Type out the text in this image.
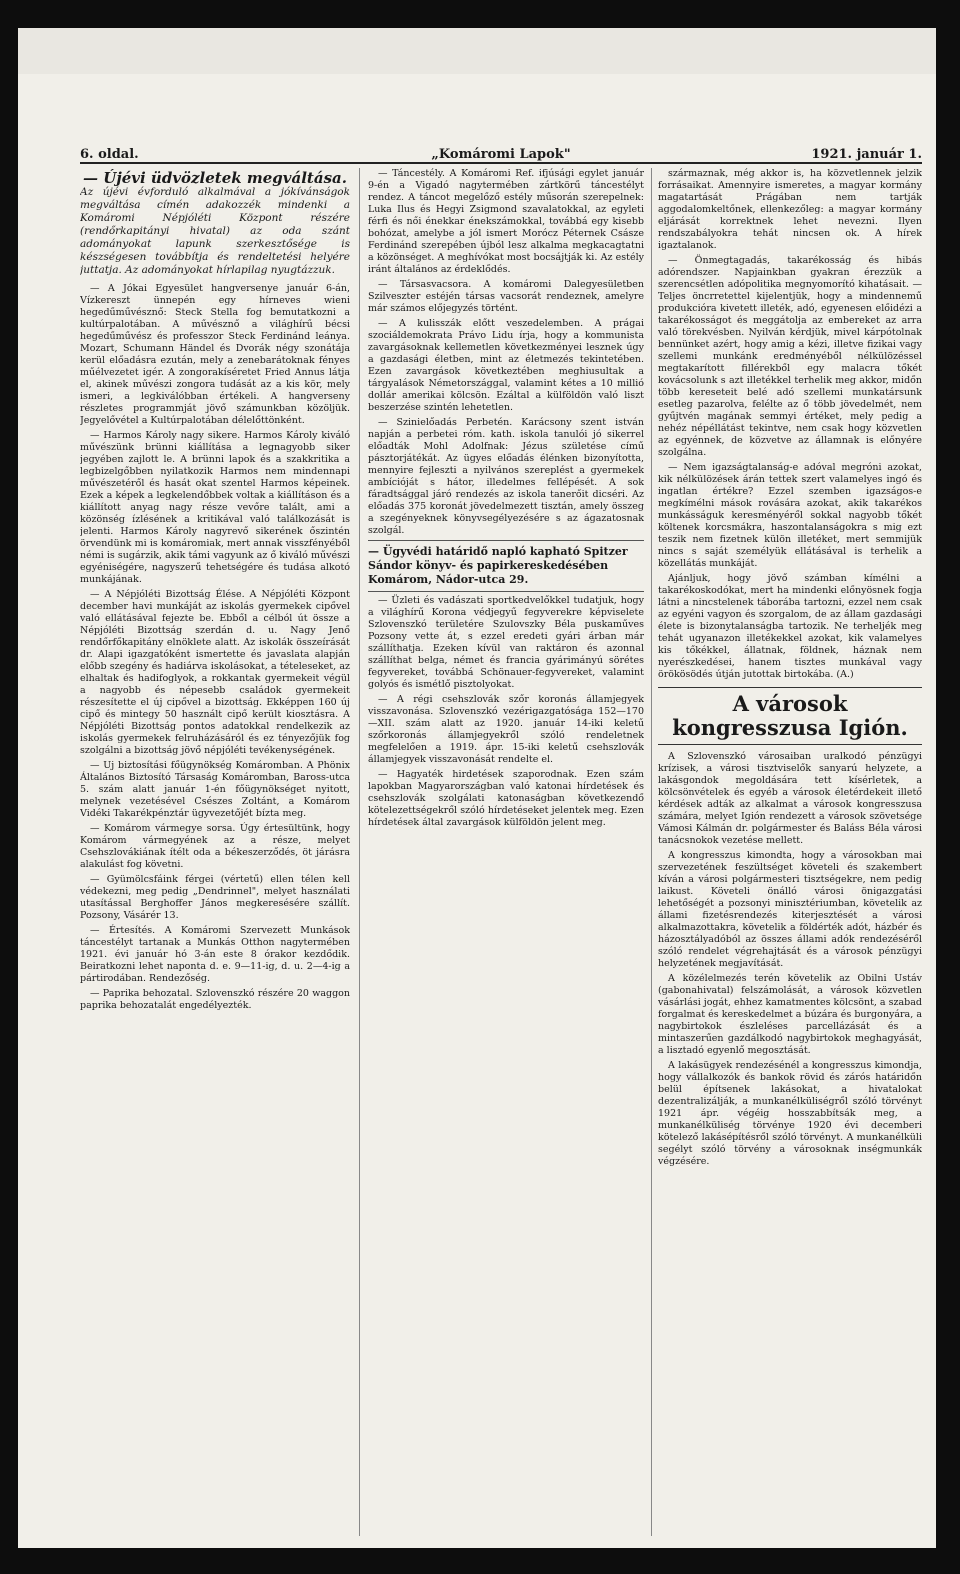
6. oldal.	„Komáromi Lapok"	1921. január 1.
— Újévi üdvözletek megváltása.
Az újévi évforduló alkalmával a jókívánságok megváltása címén adakozzék mindenki a Komáromi Népjóléti Központ részére (rendőrkapitányi hivatal) az oda szánt adományokat lapunk szerkesztősége is készségesen továbbítja és rendeltetési helyére juttatja. Az adományokat hírlapilag nyugtázzuk.

— A Jókai Egyesület hangversenye január 6-án, Vízkereszt ünnepén egy hírneves wieni hegedűművésznő: Steck Stella fog bemutatkozni a kultúrpalotában. A művésznő a világhírű bécsi hegedűművész és professzor Steck Ferdinánd leánya. Mozart, Schumann Händel és Dvorák négy szonátája kerül előadásra ezután, mely a zenebarátoknak fényes műélvezetet igér. A zongorakíséretet Fried Annus látja el, akinek művészi zongora tudását az a kis kör, mely ismeri, a legkiválóbban értékeli. A hangverseny részletes programmját jövő számunkban közöljük. Jegyelővétel a Kultúrpalotában délelőttönként.

— Harmos Károly nagy sikere. Harmos Károly kiváló művészünk brünni kiállítása a legnagyobb siker jegyében zajlott le. A brünni lapok és a szakkritika a legbizelgőbben nyilatkozik Harmos nem mindennapi művészetéről és hasát okat szentel Harmos képeinek. Ezek a képek a legkelendőbbek voltak a kiállításon és a kiállított anyag nagy része vevőre talált, ami a közönség ízlésének a kritikával való találkozását is jelenti. Harmos Károly nagyrevő sikerének őszintén örvendünk mi is komáromiak, mert annak visszfényéből némi is sugárzik, akik támi vagyunk az ő kiváló művészi egyéniségére, nagyszerű tehetségére és tudása alkotó munkájának.

— A Népjóléti Bizottság Élése. A Népjóléti Központ december havi munkáját az iskolás gyermekek cipővel való ellátásával fejezte be. Ebből a célból út össze a Népjóléti Bizottság szerdán d. u. Nagy Jenő rendőrfőkapitány elnöklete alatt. Az iskolák összeírását dr. Alapi igazgatóként ismertette és javaslata alapján előbb szegény és hadiárva iskolásokat, a tételeseket, az elhaltak és hadifoglyok, a rokkantak gyermekeit végül a nagyobb és népesebb családok gyermekeit részesítette el új cipővel a bizottság. Ekképpen 160 új cipő és mintegy 50 használt cipő került kiosztásra. A Népjóléti Bizottság pontos adatokkal rendelkezik az iskolás gyermekek felruházásáról és ez tényezőjük fog szolgálni a bizottság jövő népjóléti tevékenységének.

— Uj biztosítási főügynökség Komáromban. A Phönix Általános Biztosító Társaság Komáromban, Baross-utca 5. szám alatt január 1-én főügynökséget nyitott, melynek vezetésével Csészes Zoltánt, a Komárom Vidéki Takarékpénztár ügyvezetőjét bízta meg.

— Komárom vármegye sorsa. Úgy értesültünk, hogy Komárom vármegyének az a része, melyet Csehszlovákiának ítélt oda a békeszerződés, öt járásra alakulást fog követni.

— Gyümölcsfáink férgei (vértetű) ellen télen kell védekezni, meg pedig „Dendrinnel", melyet használati utasítással Berghoffer János megkeresésére szállít. Pozsony, Vásárér 13.

— Értesítés. A Komáromi Szervezett Munkások táncestélyt tartanak a Munkás Otthon nagytermében 1921. évi január hó 3-án este 8 órakor kezdődik. Beiratkozni lehet naponta d. e. 9—11-ig, d. u. 2—4-ig a pártirodában. Rendezőség.

— Paprika behozatal. Szlovenszkó részére 20 waggon paprika behozatalát engedélyezték.

— Táncestély. A Komáromi Ref. ifjúsági egylet január 9-én a Vigadó nagytermében zártkörű táncestélyt rendez. A táncot megelőző estély műsorán szerepelnek: Luka Ilus és Hegyi Zsigmond szavalatokkal, az egyleti férfi és női énekkar énekszámokkal, továbbá egy kisebb bohózat, amelybe a jól ismert Morócz Péternek Császe Ferdinánd szerepében újból lesz alkalma megkacagtatni a közönséget. A meghívókat most bocsájtják ki. Az estély iránt általános az érdeklődés.

— Társasvacsora. A komáromi Dalegyesületben Szilveszter estéjén társas vacsorát rendeznek, amelyre már számos előjegyzés történt.

— A kulisszák előtt veszedelemben. A prágai szociáldemokrata Právo Lidu írja, hogy a kommunista zavargásoknak kellemetlen következményei lesznek úgy a gazdasági életben, mint az életmezés tekintetében. Ezen zavargások következtében meghiusultak a tárgyalások Németországgal, valamint kétes a 10 millió dollár amerikai kölcsön. Ezáltal a külföldön való liszt beszerzése szintén lehetetlen.

— Szinielőadás Perbetén. Karácsony szent istván napján a perbetei róm. kath. iskola tanulói jó sikerrel előadták Mohl Adolfnak: Jézus születése című pásztorjátékát. Az ügyes előadás élénken bizonyította, mennyire fejleszti a nyilvános szereplést a gyermekek ambícióját s hátor, illedelmes fellépését. A sok fáradtsággal járó rendezés az iskola tanerőit dicséri. Az előadás 375 koronát jövedelmezett tisztán, amely összeg a szegényeknek könyvsegélyezésére s az ágazatosnak szolgál.

— Ügyvédi határidő napló kapható Spitzer Sándor könyv- és papirkereskedésében Komárom, Nádor-utca 29.

— Üzleti és vadászati sportkedvelőkkel tudatjuk, hogy a világhírű Korona védjegyű fegyverekre képviselete Szlovenszkó területére Szulovszky Béla puskaműves Pozsony vette át, s ezzel eredeti gyári árban már szállíthatja. Ezeken kívül van raktáron és azonnal szállíthat belga, német és francia gyárimányú sörétes fegyvereket, továbbá Schönauer-fegyvereket, valamint golyós és ismétlő pisztolyokat.

— A régi csehszlovák szőr koronás államjegyek visszavonása. Szlovenszkó vezérigazgatósága 152—170—XII. szám alatt az 1920. január 14-iki keletű szőrkoronás államjegyekről szóló rendeletnek megfelelően a 1919. ápr. 15-iki keletű csehszlovák államjegyek visszavonását rendelte el.

— Hagyaték hirdetések szaporodnak. Ezen szám lapokban Magyarországban való katonai hírdetések és csehszlovák szolgálati katonaságban következendő kötelezettségekről szóló hírdetéseket jelentek meg. Ezen hírdetések által zavargások külföldön jelent meg.

származnak, még akkor is, ha közvetlennek jelzik forrásaikat. Amennyire ismeretes, a magyar kormány magatartását Prágában nem tartják aggodalomkeltőnek, ellenkezőleg: a magyar kormány eljárását korrektnek lehet nevezni. Ilyen rendszabályokra tehát nincsen ok. A hírek igaztalanok.

— Önmegtagadás, takarékosság és hibás adórendszer. Napjainkban gyakran érezzük a szerencsétlen adópolitika megnyomorító kihatásait. — Teljes öncrretettel kijelentjük, hogy a mindennemű produkcióra kivetett illeték, adó, egyenesen előidézi a takarékosságot és meggátolja az embereket az arra való törekvésben. Nyilván kérdjük, mivel kárpótolnak bennünket azért, hogy amig a kézi, illetve fizikai vagy szellemi munkánk eredményéből nélkülözéssel megtakarított fillérekből egy malacra tőkét kovácsolunk s azt illetékkel terhelik meg akkor, midőn több kereseteit belé adó szellemi munkatársunk esetleg pazarolva, felélte az ő több jövedelmét, nem gyűjtvén magának semmyi értéket, mely pedig a nehéz népéllátást tekintve, nem csak hogy közvetlen az egyénnek, de közvetve az államnak is előnyére szolgálna.

— Nem igazságtalanság-e adóval megróni azokat, kik nélkülözések árán tettek szert valamelyes ingó és ingatlan értékre? Ezzel szemben igazságos-e megkímélni mások rovására azokat, akik takarékos munkásságuk keresményéről sokkal nagyobb tőkét költenek korcsmákra, haszontalanságokra s mig ezt teszik nem fizetnek külön illetéket, mert semmijük nincs s saját személyük ellátásával is terhelik a közellátás munkáját.

Ajánljuk, hogy jövő számban kímélni a takarékoskodókat, mert ha mindenki előnyösnek fogja látni a nincstelenek táborába tartozni, ezzel nem csak az egyéni vagyon és szorgalom, de az állam gazdasági élete is bizonytalanságba tartozik. Ne terheljék meg tehát ugyanazon illetékekkel azokat, kik valamelyes kis tőkékkel, állatnak, földnek, háznak nem nyerészkedései, hanem tisztes munkával vagy örökösödés útján jutottak birtokába. (A.)

A városok kongresszusa Igión.

A Szlovenszkó városaiban uralkodó pénzügyi krízisek, a városi tisztviselők sanyarú helyzete, a lakásgondok megoldására tett kísérletek, a kölcsönvételek és egyéb a városok életérdekeit illető kérdések adták az alkalmat a városok kongresszusa számára, melyet Igión rendezett a városok szövetsége Vámosi Kálmán dr. polgármester és Baláss Béla városi tanácsnokok vezetése mellett.

A kongresszus kimondta, hogy a városokban mai szervezetének feszültséget követeli és szakembert kíván a városi polgármesteri tisztségekre, nem pedig laikust. Követeli önálló városi önigazgatási lehetőségét a pozsonyi minisztériumban, követelik az állami fizetésrendezés kiterjesztését a városi alkalmazottakra, követelik a földérték adót, házbér és házosztályadóból az összes állami adók rendezéséről szóló rendelet végrehajtását és a városok pénzügyi helyzetének megjavítását.

A közélelmezés terén követelik az Obilni Ustáv (gabonahivatal) felszámolását, a városok közvetlen vásárlási jogát, ehhez kamatmentes kölcsönt, a szabad forgalmat és kereskedelmet a búzára és burgonyára, a nagybirtokok észleléses parcellázását és a mintaszerűen gazdálkodó nagybirtokok meghagyását, a lisztadó egyenlő megosztását.

A lakásügyek rendezésénél a kongresszus kimondja, hogy vállalkozók és bankok rövid és zárós határidőn belül építsenek lakásokat, a hivatalokat dezentralizálják, a munkanélküliségről szóló törvényt 1921 ápr. végéig hosszabbítsák meg, a munkanélküliség törvénye 1920 évi decemberi kötelező lakásépítésről szóló törvényt. A munkanélküli segélyt szóló törvény a városoknak inségmunkák végzésére.
